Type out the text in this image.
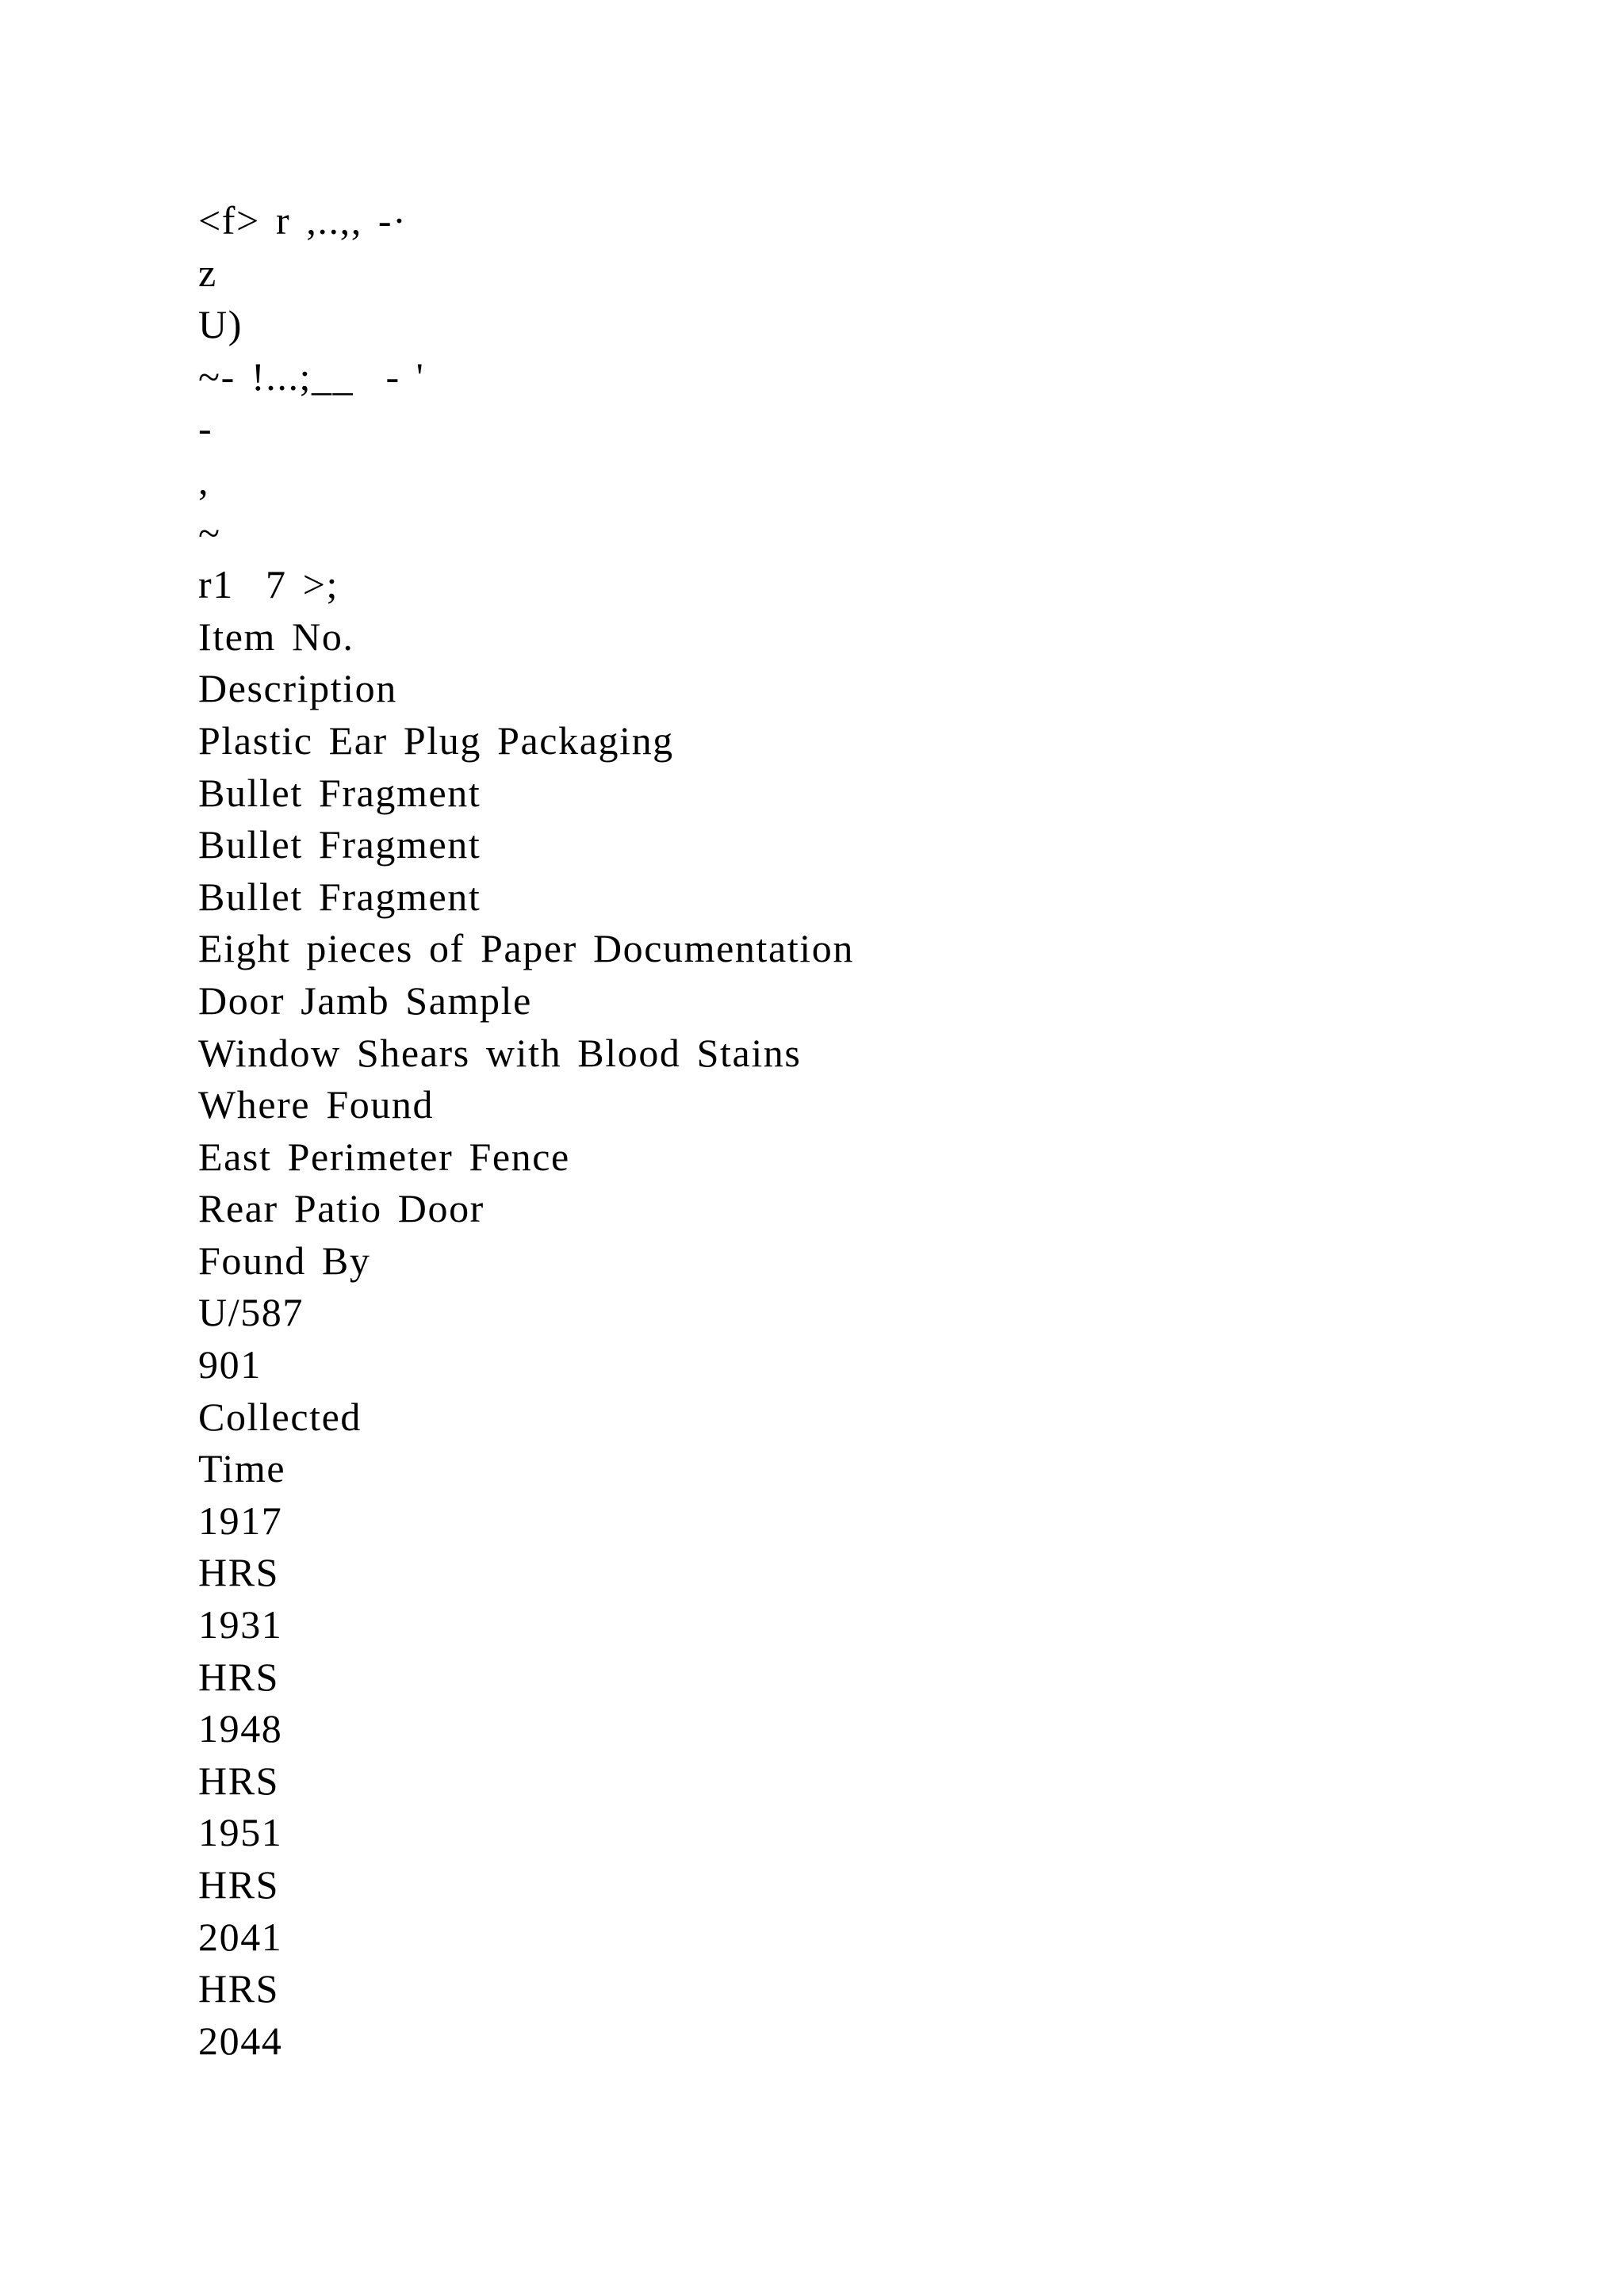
<f> r ,..,, -·
z
U)
~- !...;__  - '
-
,
~
r1  7 >;
Item No.
Description
Plastic Ear Plug Packaging
Bullet Fragment
Bullet Fragment
Bullet Fragment
Eight pieces of Paper Documentation
Door Jamb Sample
Window Shears with Blood Stains
Where Found
East Perimeter Fence
Rear Patio Door
Found By
U/587
901
Collected
Time
1917
HRS
1931
HRS
1948
HRS
1951
HRS
2041
HRS
2044
